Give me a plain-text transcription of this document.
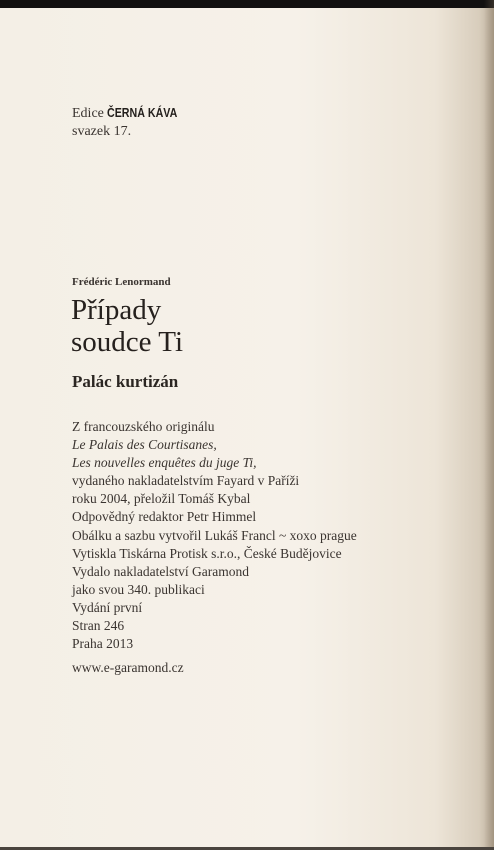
Edice ČERNÁ KÁVA
svazek 17.
Frédéric Lenormand
Případy
soudce Ti
Palác kurtizán
Z francouzského originálu
Le Palais des Courtisanes,
Les nouvelles enquêtes du juge Ti,
vydaného nakladatelstvím Fayard v Paříži
roku 2004, přeložil Tomáš Kybal
Odpovědný redaktor Petr Himmel
Obálku a sazbu vytvořil Lukáš Francl ~ xoxo prague
Vytiskla Tiskárna Protisk s.r.o., České Budějovice
Vydalo nakladatelství Garamond
jako svou 340. publikaci
Vydání první
Stran 246
Praha 2013
www.e-garamond.cz
